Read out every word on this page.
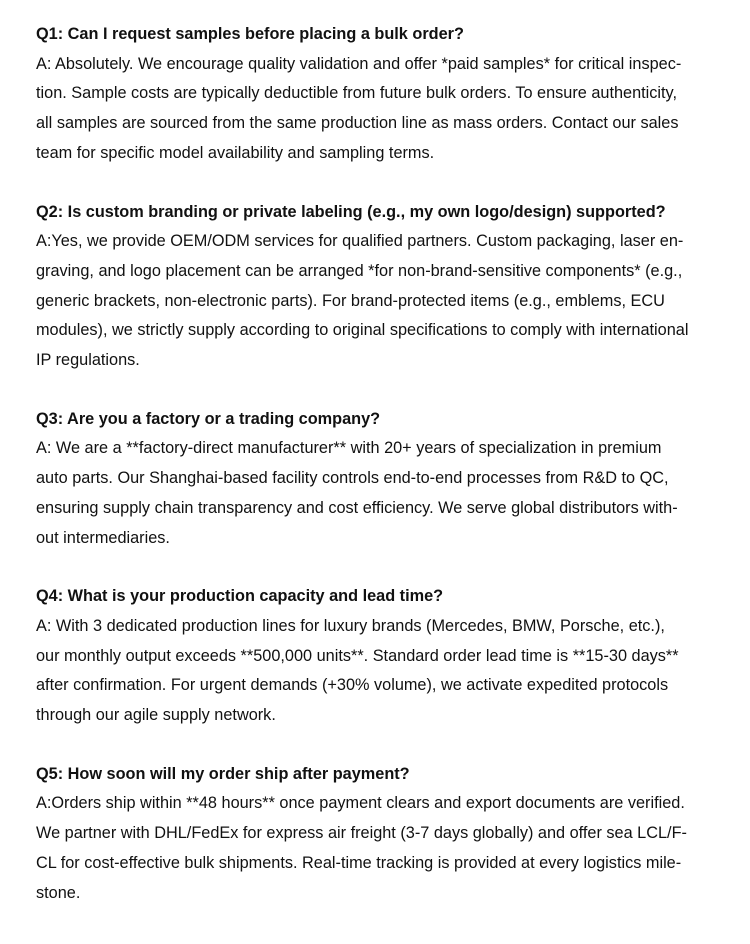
Q1: Can I request samples before placing a bulk order?

A: Absolutely. We encourage quality validation and offer *paid samples* for critical inspec-

tion. Sample costs are typically deductible from future bulk orders. To ensure authenticity,

all samples are sourced from the same production line as mass orders. Contact our sales

team for specific model availability and sampling terms.

Q2: Is custom branding or private labeling (e.g., my own logo/design) supported?

A:Yes, we provide OEM/ODM services for qualified partners. Custom packaging, laser en-

graving, and logo placement can be arranged *for non-brand-sensitive components* (e.g.,

generic brackets, non-electronic parts). For brand-protected items (e.g., emblems, ECU

modules), we strictly supply according to original specifications to comply with international

IP regulations.

Q3: Are you a factory or a trading company?

A: We are a **factory-direct manufacturer** with 20+ years of specialization in premium

auto parts. Our Shanghai-based facility controls end-to-end processes from R&D to QC,

ensuring supply chain transparency and cost efficiency. We serve global distributors with-

out intermediaries.

Q4: What is your production capacity and lead time?

A: With 3 dedicated production lines for luxury brands (Mercedes, BMW, Porsche, etc.),

our monthly output exceeds **500,000 units**. Standard order lead time is **15-30 days**

after confirmation. For urgent demands (+30% volume), we activate expedited protocols

through our agile supply network.

Q5: How soon will my order ship after payment?

A:Orders ship within **48 hours** once payment clears and export documents are verified.

We partner with DHL/FedEx for express air freight (3-7 days globally) and offer sea LCL/F-

CL for cost-effective bulk shipments. Real-time tracking is provided at every logistics mile-

stone.
